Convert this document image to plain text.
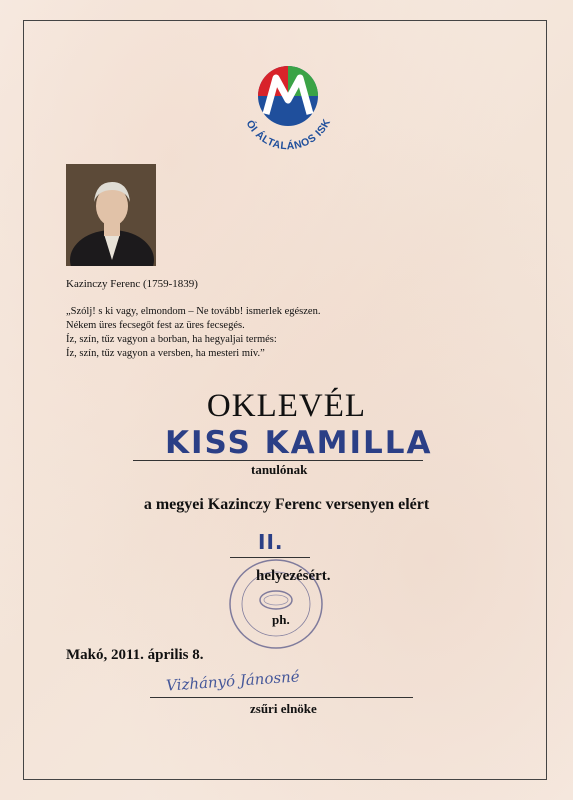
ÓI ÁLTALÁNOS ISK
Kazinczy Ferenc (1759-1839)
„Szólj! s ki vagy, elmondom – Ne tovább! ismerlek egészen.
Nékem üres fecsegőt fest az üres fecsegés.
Íz, szín, tűz vagyon a borban, ha hegyaljai termés:
Íz, szín, tűz vagyon a versben, ha mesteri mív.”
OKLEVÉL
KISS KAMILLA
tanulónak
a megyei Kazinczy Ferenc versenyen elért
II.
helyezésért.
ph.
Makó, 2011. április 8.
Vizhányó Jánosné
zsűri elnöke
